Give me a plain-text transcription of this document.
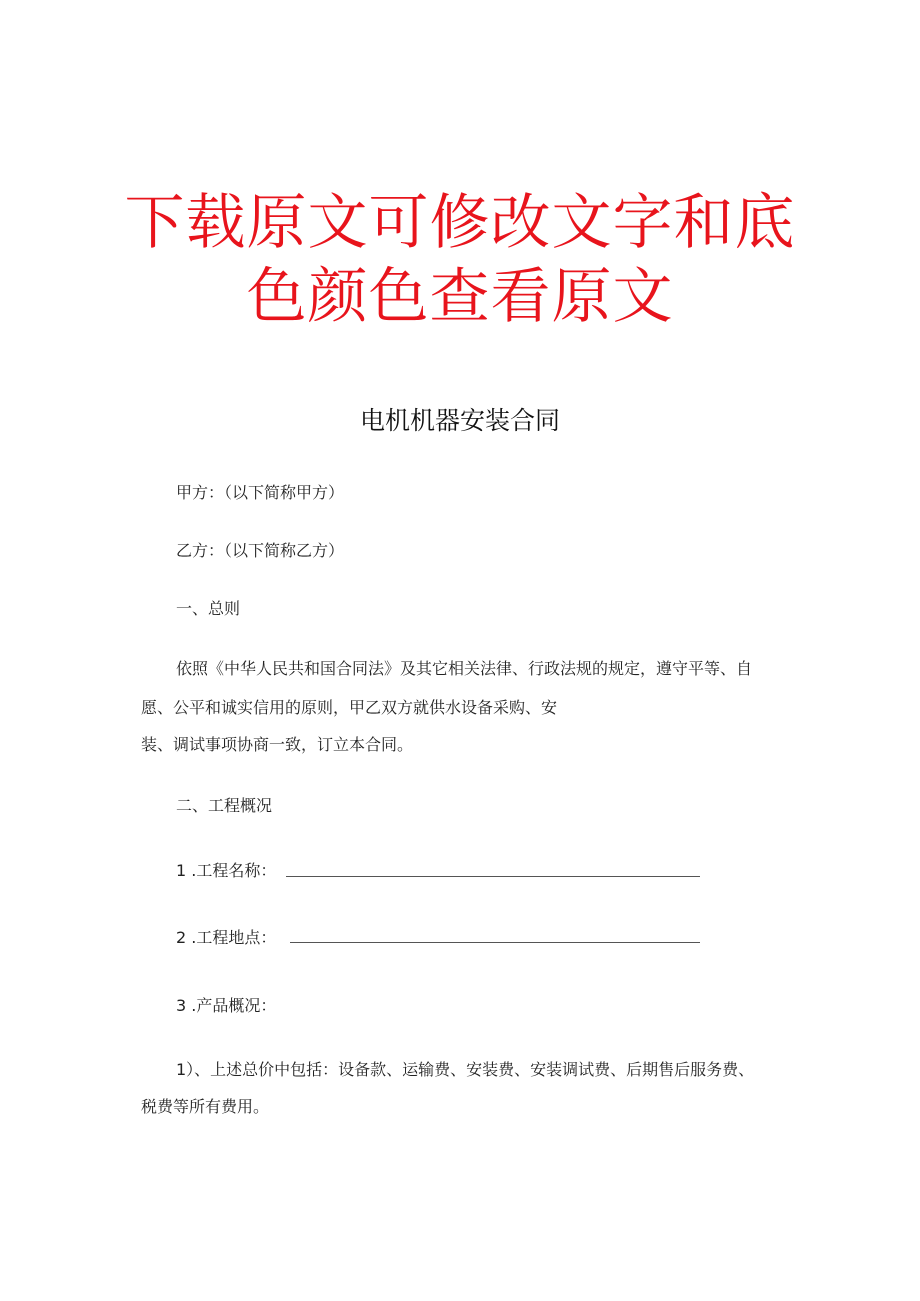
下载原文可修改文字和底
色颜色查看原文
电机机器安装合同
甲方：（以下简称甲方）
乙方：（以下简称乙方）
一、总则
依照《中华人民共和国合同法》及其它相关法律、行政法规的规定，遵守平等、自
愿、公平和诚实信用的原则，甲乙双方就供水设备采购、安
装、调试事项协商一致，订立本合同。
二、工程概况
1 .工程名称：
2 .工程地点：
3 .产品概况：
1）、上述总价中包括：设备款、运输费、安装费、安装调试费、后期售后服务费、
税费等所有费用。
